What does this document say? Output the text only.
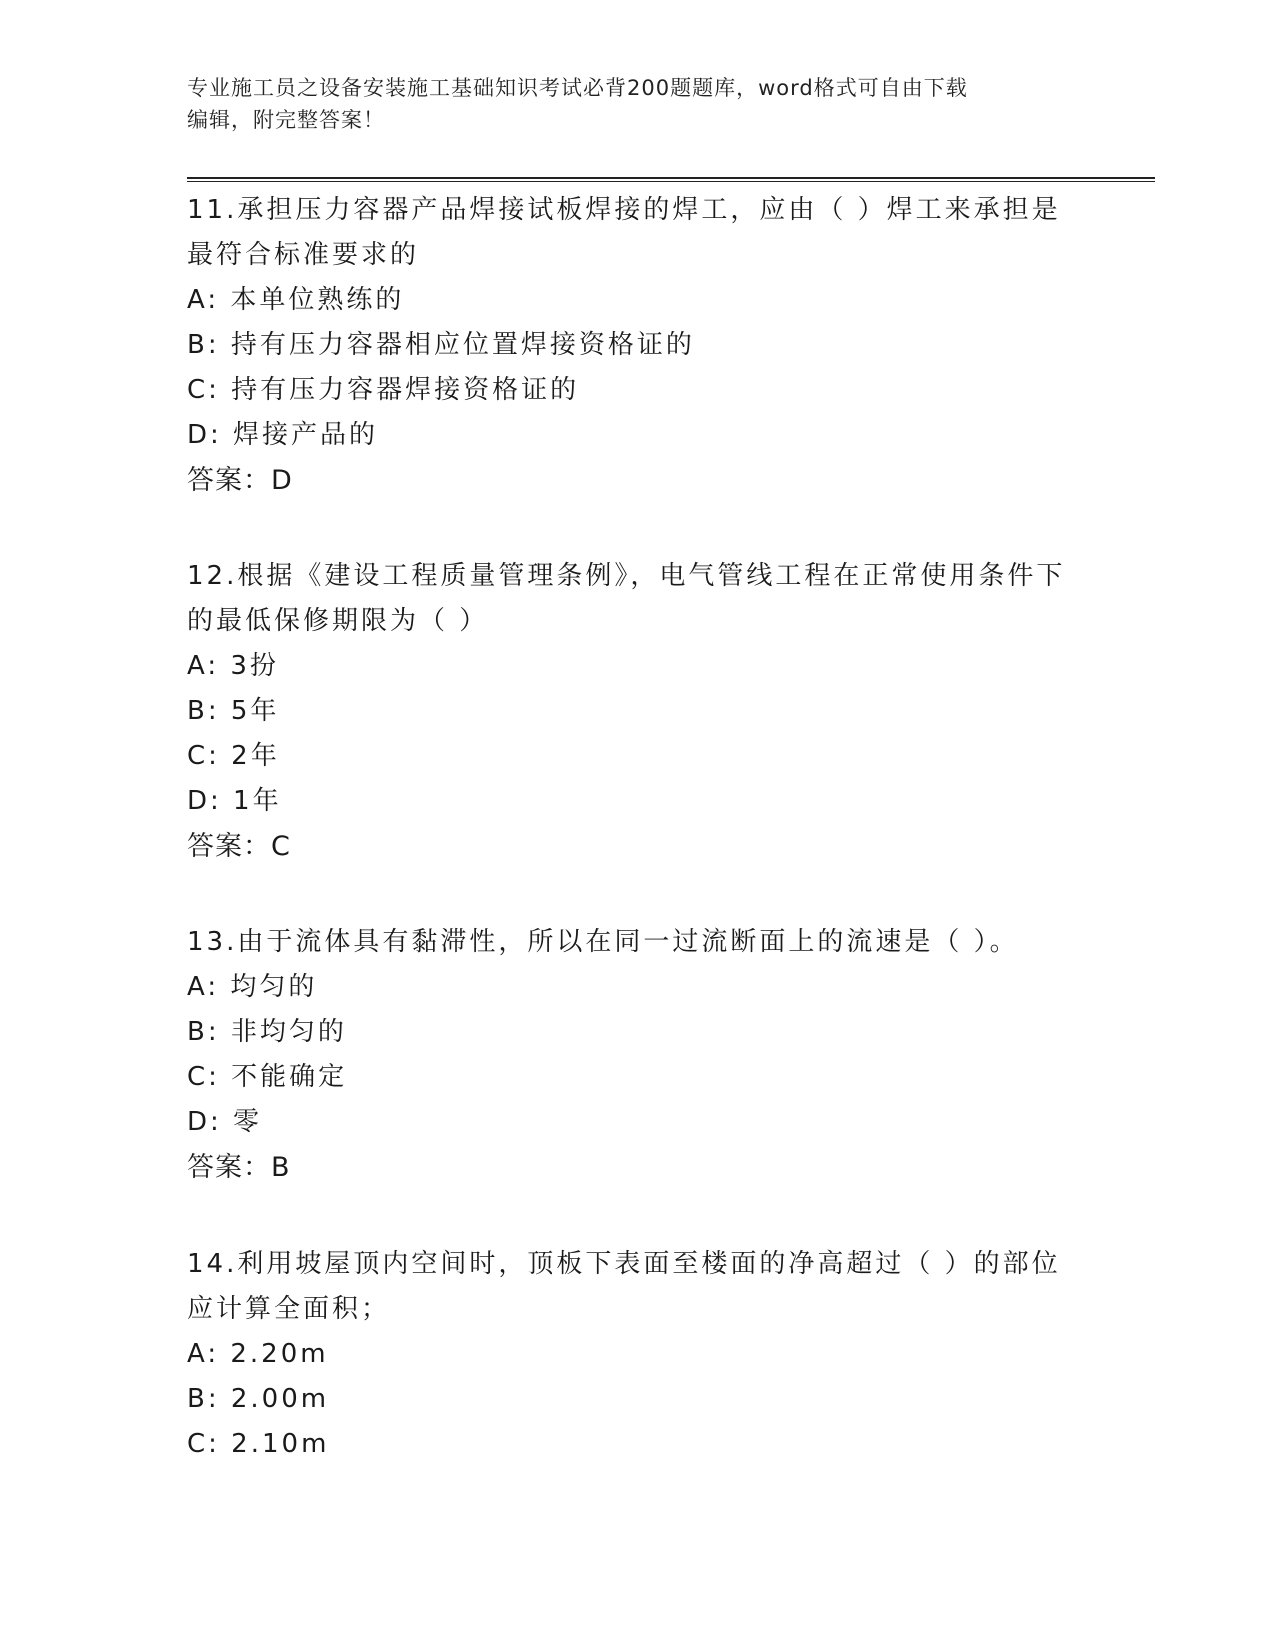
专业施工员之设备安装施工基础知识考试必背200题题库，word格式可自由下载
编辑，附完整答案！

11.承担压力容器产品焊接试板焊接的焊工，应由（ ）焊工来承担是

最符合标准要求的

A: 本单位熟练的

B: 持有压力容器相应位置焊接资格证的

C: 持有压力容器焊接资格证的

D: 焊接产品的

答案：D

12.根据《建设工程质量管理条例》，电气管线工程在正常使用条件下

的最低保修期限为（ ）

A: 3扮

B: 5年

C: 2年

D: 1年

答案：C

13.由于流体具有黏滞性，所以在同一过流断面上的流速是（ ）。

A: 均匀的

B: 非均匀的

C: 不能确定

D: 零

答案：B

14.利用坡屋顶内空间时，顶板下表面至楼面的净高超过（ ）的部位

应计算全面积；

A: 2.20m

B: 2.00m

C: 2.10m
